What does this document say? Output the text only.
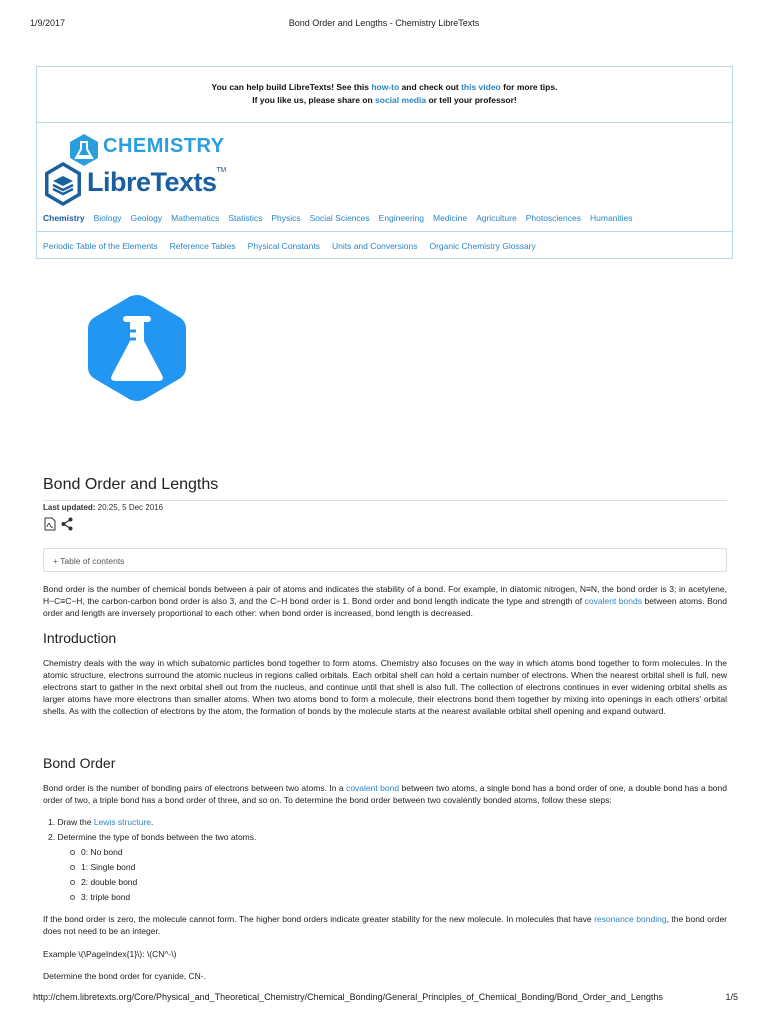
1/9/2017	Bond Order and Lengths - Chemistry LibreTexts
You can help build LibreTexts! See this how-to and check out this video for more tips.
If you like us, please share on social media or tell your professor!
CHEMISTRY
LibreTexts™
Chemistry Biology Geology Mathematics Statistics Physics Social Sciences Engineering Medicine Agriculture Photosciences Humanities
Periodic Table of the Elements Reference Tables Physical Constants Units and Conversions Organic Chemistry Glossary
Bond Order and Lengths
Last updated: 20:25, 5 Dec 2016
+ Table of contents
Bond order is the number of chemical bonds between a pair of atoms and indicates the stability of a bond. For example, in diatomic nitrogen, N≡N, the bond order is 3; in acetylene, H−C≡C−H, the carbon-carbon bond order is also 3, and the C−H bond order is 1. Bond order and bond length indicate the type and strength of covalent bonds between atoms. Bond order and length are inversely proportional to each other: when bond order is increased, bond length is decreased.
Introduction
Chemistry deals with the way in which subatomic particles bond together to form atoms. Chemistry also focuses on the way in which atoms bond together to form molecules. In the atomic structure, electrons surround the atomic nucleus in regions called orbitals. Each orbital shell can hold a certain number of electrons. When the nearest orbital shell is full, new electrons start to gather in the next orbital shell out from the nucleus, and continue until that shell is also full. The collection of electrons continues in ever widening orbital shells as larger atoms have more electrons than smaller atoms. When two atoms bond to form a molecule, their electrons bond them together by mixing into openings in each others' orbital shells. As with the collection of electrons by the atom, the formation of bonds by the molecule starts at the nearest available orbital shell opening and expand outward.
Bond Order
Bond order is the number of bonding pairs of electrons between two atoms. In a covalent bond between two atoms, a single bond has a bond order of one, a double bond has a bond order of two, a triple bond has a bond order of three, and so on. To determine the bond order between two covalently bonded atoms, follow these steps:
1. Draw the Lewis structure.
2. Determine the type of bonds between the two atoms.
0: No bond
1: Single bond
2: double bond
3: triple bond
If the bond order is zero, the molecule cannot form. The higher bond orders indicate greater stability for the new molecule. In molecules that have resonance bonding, the bond order does not need to be an integer.
Example \(\PageIndex{1}\): \(CN^-\)
Determine the bond order for cyanide, CN-.
http://chem.libretexts.org/Core/Physical_and_Theoretical_Chemistry/Chemical_Bonding/General_Principles_of_Chemical_Bonding/Bond_Order_and_Lengths	1/5
